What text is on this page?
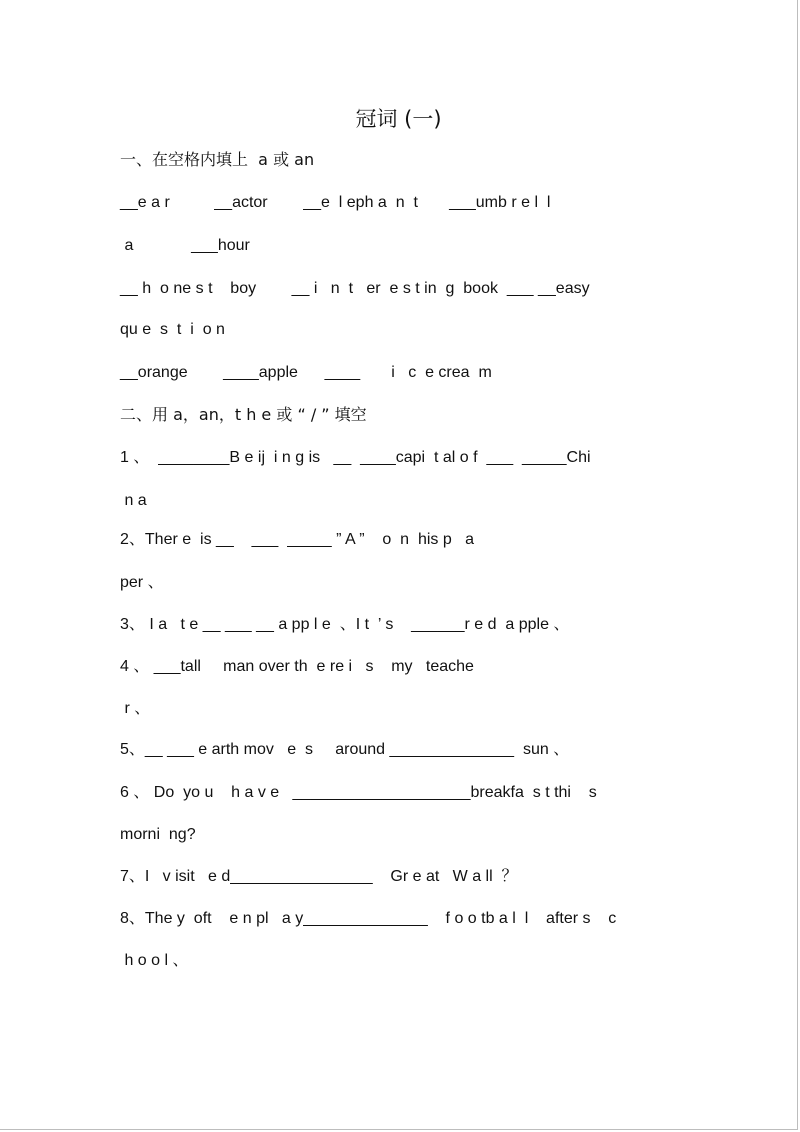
冠词 (一)
一、在空格内填上  a 或 an
__e a r          __actor        __e  l eph a  n  t       ___umb r e l  l
a             ___hour
__ h  o ne s t    boy        __ i   n  t   er  e s t in  g  book  ___ __easy
qu e  s  t  i  o n
__orange        ____apple      ____       i   c  e crea  m
二、用 a，an，t h e 或 “ / ” 填空
1 、  ________B e ij  i n g is   __  ____capi  t al o f  ___  _____Chi
n a
2、Ther e  is __    ___  _____ ” A ”    o  n  his p   a
per 、
3、 I a   t e __ ___ __ a pp l e  、I t  ’ s    ______r e d  a pple 、
4 、 ___tall     man over th  e re i   s    my   teache
r 、
5、__ ___ e arth mov   e  s     around ______________  sun 、
6 、 Do  yo u    h a v e   ____________________breakfa  s t thi    s
morni  ng?
7、I   v isit   e d________________    Gr e at   W a ll  ？
8、The y  oft    e n pl   a y______________    f o o tb a l  l    after s    c
h o o l 、
